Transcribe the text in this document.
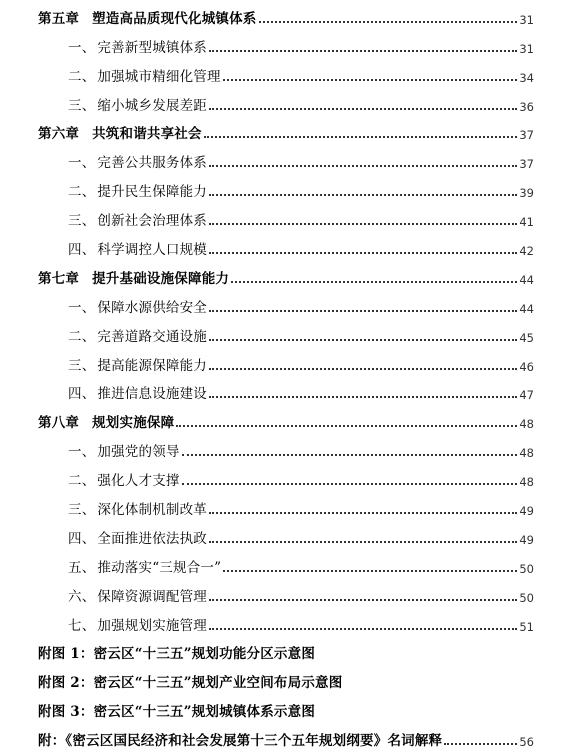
第五章 塑造高品质现代化城镇体系	31
一、 完善新型城镇体系	31
二、 加强城市精细化管理	34
三、 缩小城乡发展差距	36
第六章 共筑和谐共享社会	37
一、 完善公共服务体系	37
二、 提升民生保障能力	39
三、 创新社会治理体系	41
四、 科学调控人口规模	42
第七章 提升基础设施保障能力	44
一、 保障水源供给安全	44
二、 完善道路交通设施	45
三、 提高能源保障能力	46
四、 推进信息设施建设	47
第八章 规划实施保障	48
一、 加强党的领导	48
二、 强化人才支撑	48
三、 深化体制机制改革	49
四、 全面推进依法执政	49
五、 推动落实“三规合一”	50
六、 保障资源调配管理	50
七、 加强规划实施管理	51
附图 1：密云区“十三五”规划功能分区示意图
附图 2：密云区“十三五”规划产业空间布局示意图
附图 3：密云区“十三五”规划城镇体系示意图
附：《密云区国民经济和社会发展第十三个五年规划纲要》名词解释	56
